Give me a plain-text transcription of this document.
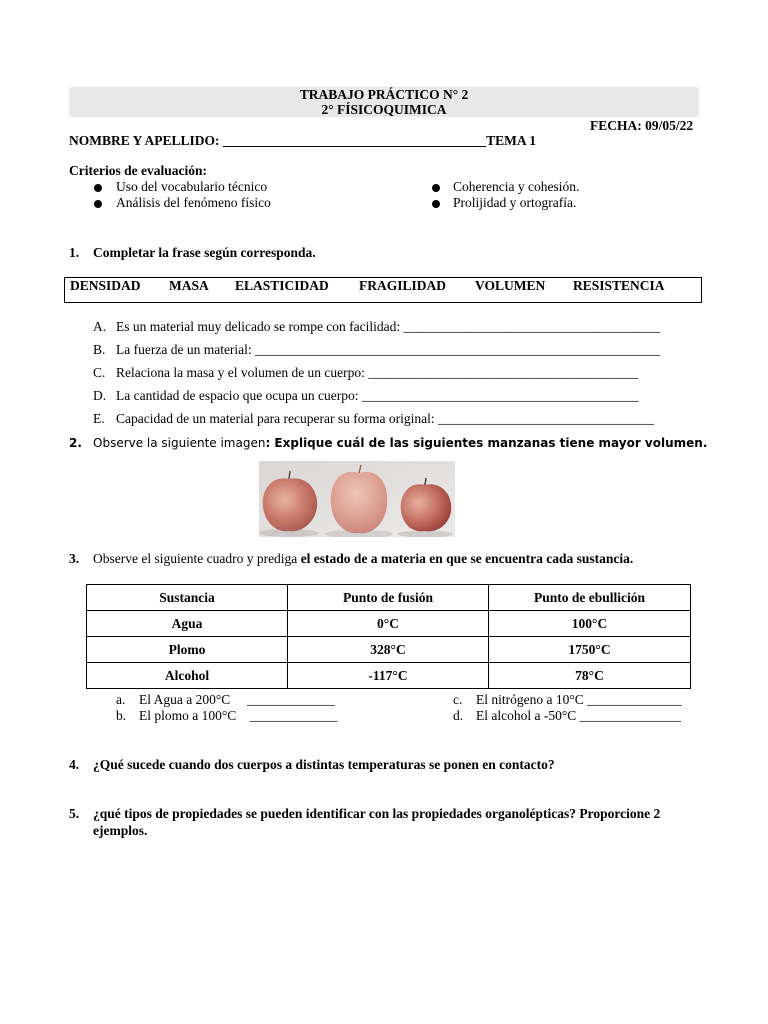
TRABAJO PRÁCTICO N° 2
2° FÍSICOQUIMICA
FECHA: 09/05/22
NOMBRE Y APELLIDO: _______________________________________TEMA 1
Criterios de evaluación:
Uso del vocabulario técnico
Análisis del fenómeno físico
Coherencia y cohesión.
Prolijidad y ortografía.
1. Completar la frase según corresponda.
DENSIDAD MASA ELASTICIDAD FRAGILIDAD VOLUMEN RESISTENCIA
A. Es un material muy delicado se rompe con facilidad: ______________________________________
B. La fuerza de un material: ____________________________________________________________
C. Relaciona la masa y el volumen de un cuerpo: ________________________________________
D. La cantidad de espacio que ocupa un cuerpo: _________________________________________
E. Capacidad de un material para recuperar su forma original: ________________________________
2. Observe la siguiente imagen: Explique cuál de las siguientes manzanas tiene mayor volumen.
3. Observe el siguiente cuadro y prediga el estado de a materia en que se encuentra cada sustancia.
Sustancia	Punto de fusión	Punto de ebullición
Agua	0°C	100°C
Plomo	328°C	1750°C
Alcohol	-117°C	78°C
a. El Agua a 200°C     _____________
b. El plomo a 100°C    _____________
c. El nitrógeno a 10°C ______________
d. El alcohol a -50°C _______________
4. ¿Qué sucede cuando dos cuerpos a distintas temperaturas se ponen en contacto?
5. ¿qué tipos de propiedades se pueden identificar con las propiedades organolépticas? Proporcione 2
ejemplos.
